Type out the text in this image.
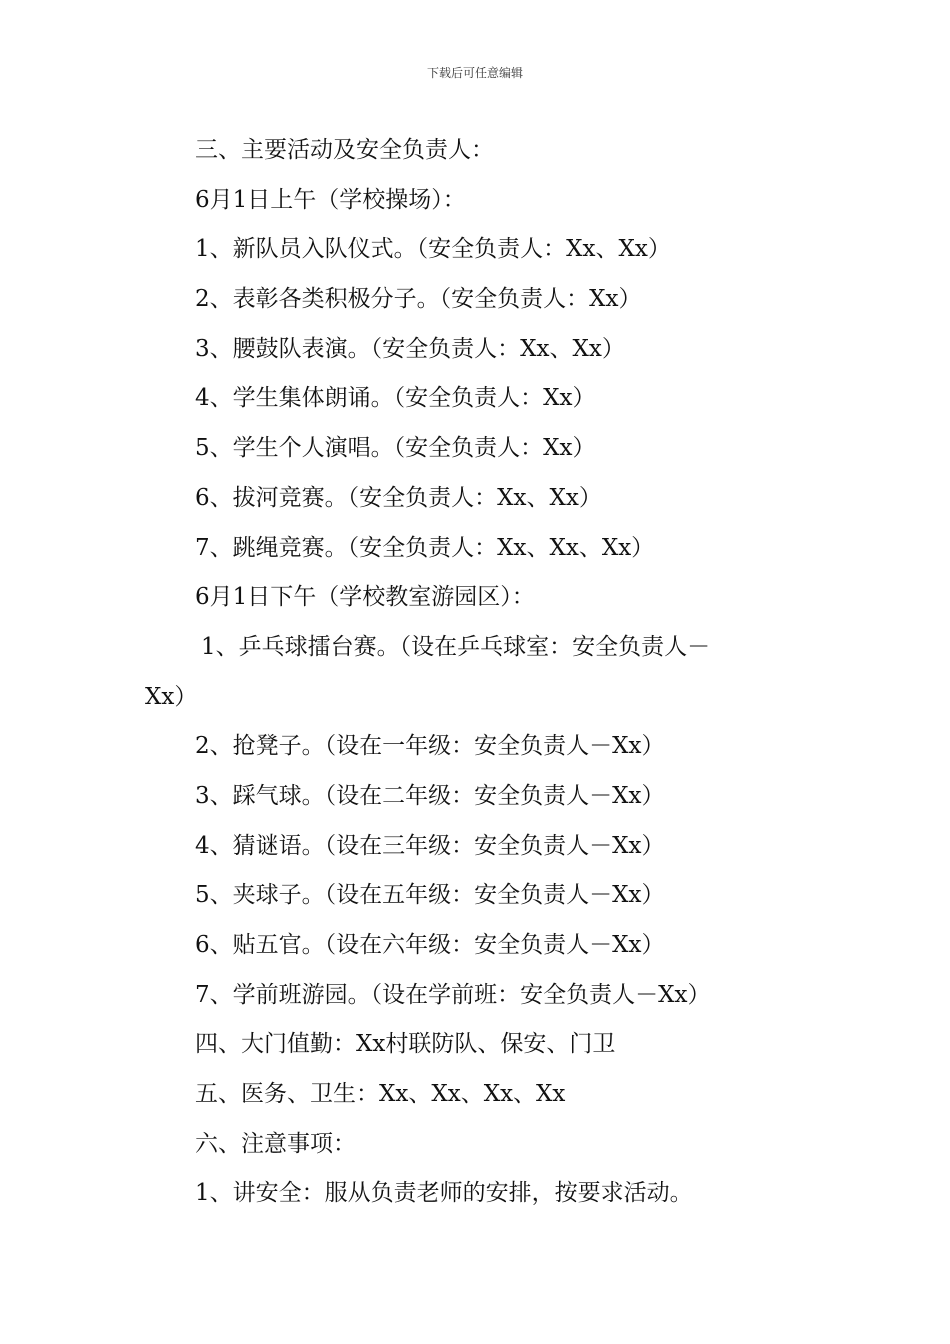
下载后可任意编辑
三、主要活动及安全负责人：
6月1日上午（学校操场）：
1、新队员入队仪式。（安全负责人：Xx、Xx）
2、表彰各类积极分子。（安全负责人：Xx）
3、腰鼓队表演。（安全负责人：Xx、Xx）
4、学生集体朗诵。（安全负责人：Xx）
5、学生个人演唱。（安全负责人：Xx）
6、拔河竞赛。（安全负责人：Xx、Xx）
7、跳绳竞赛。（安全负责人：Xx、Xx、Xx）
6月1日下午（学校教室游园区）：
1、乒乓球擂台赛。（设在乒乓球室：安全负责人－
Xx）
2、抢凳子。（设在一年级：安全负责人－Xx）
3、踩气球。（设在二年级：安全负责人－Xx）
4、猜谜语。（设在三年级：安全负责人－Xx）
5、夹球子。（设在五年级：安全负责人－Xx）
6、贴五官。（设在六年级：安全负责人－Xx）
7、学前班游园。（设在学前班：安全负责人－Xx）
四、大门值勤：Xx村联防队、保安、门卫
五、医务、卫生：Xx、Xx、Xx、Xx
六、注意事项：
1、讲安全：服从负责老师的安排，按要求活动。
